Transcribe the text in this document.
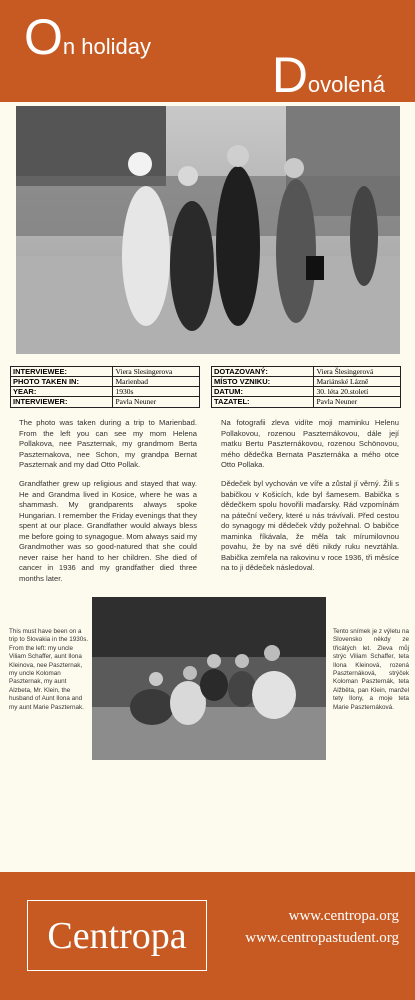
On holiday
Dovolená
INTERVIEWEE:	Viera Slesingerova
PHOTO TAKEN IN:	Marienbad
YEAR:	1930s
INTERVIEWER:	Pavla Neuner
DOTAZOVANÝ:	Viera Šlesingerová
MÍSTO VZNIKU:	Mariánské Lázně
DATUM:	30. léta 20.století
TAZATEL:	Pavla Neuner

The photo was taken during a trip to Marienbad. From the left you can see my mom Helena Pollakova, nee Paszternak, my grandmom Berta Paszternakova, nee Schon, my grandpa Bernat Paszternak and my dad Otto Pollak.

Grandfather grew up religious and stayed that way. He and Grandma lived in Kosice, where he was a shammash. My grandparents always spoke Hungarian. I remember the Friday evenings that they spent at our place. Grandfather would always bless me before going to synagogue. Mom always said my Grandmother was so good-natured that she could never raise her hand to her children. She died of cancer in 1936 and my grandfather died three months later.

Na fotografii zleva vidíte moji maminku Helenu Pollakovou, rozenou Paszternákovou, dále její matku Bertu Paszternákovou, rozenou Schönovou, mého dědečka Bernata Paszternáka a mého otce Otto Pollaka.

Dědeček byl vychován ve víře a zůstal jí věrný. Žili s babičkou v Košicích, kde byl šamesem. Babička s dědečkem spolu hovořili maďarsky. Rád vzpomínám na páteční večery, které u nás trávívali. Před cestou do synagogy mi dědeček vždy požehnal. O babičce maminka říkávala, že měla tak mírumilovnou povahu, že by na své děti nikdy ruku nevztáhla. Babička zemřela na rakovinu v roce 1936, tři měsíce na to ji dědeček následoval.

This must have been on a trip to Slovakia in the 1930s. From the left: my uncle Viliam Schaffer, aunt Ilona Kleinova, nee Paszternak, my uncle Koloman Paszternak, my aunt Alzbeta, Mr. Klein, the husband of Aunt Ilona and my aunt Marie Paszternak.

Tento snímek je z výletu na Slovensko někdy ze třicátých let. Zleva můj strýc Viliam Schaffer, teta Ilona Kleinová, rozená Paszternáková, strýček Koloman Paszternák, teta Alžběta, pan Klein, manžel tety Ilony, a moje teta Marie Paszternáková.

Centropa	www.centropa.org
www.centropastudent.org
